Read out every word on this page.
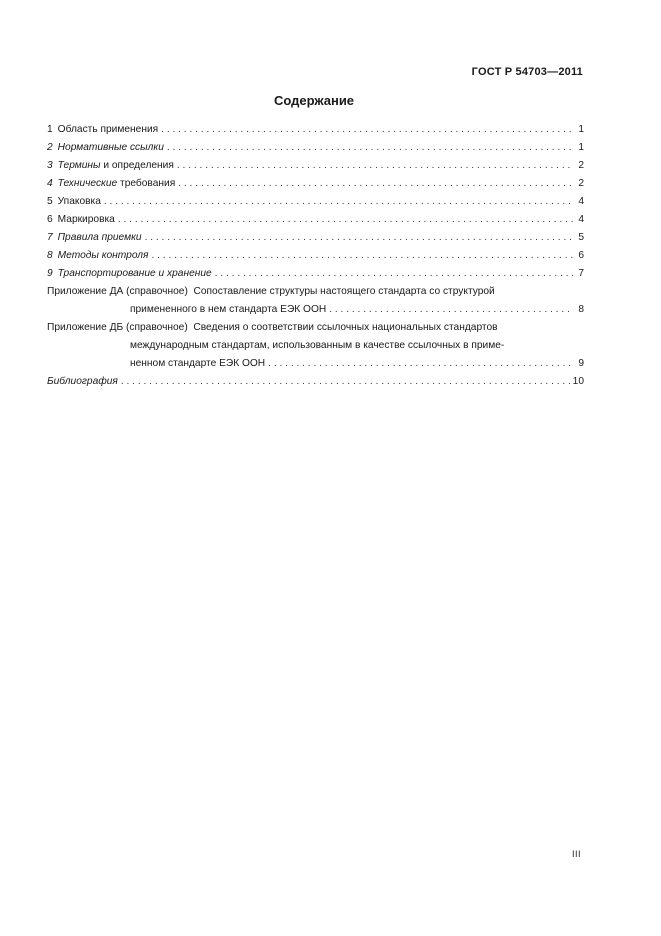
ГОСТ Р 54703—2011
Содержание
1 Область применения . . .	1
2 Нормативные ссылки . . .	1
3 Термины и определения . . .	2
4 Технические требования . . .	2
5 Упаковка . . .	4
6 Маркировка . . .	4
7 Правила приемки . . .	5
8 Методы контроля . . .	6
9 Транспортирование и хранение . . .	7
Приложение ДА (справочное) Сопоставление структуры настоящего стандарта со структурой
примененного в нем стандарта ЕЭК ООН . . .	8
Приложение ДБ (справочное) Сведения о соответствии ссылочных национальных стандартов
международным стандартам, использованным в качестве ссылочных в приме-
ненном стандарте ЕЭК ООН . . .	9
Библиография . . .	10
III
